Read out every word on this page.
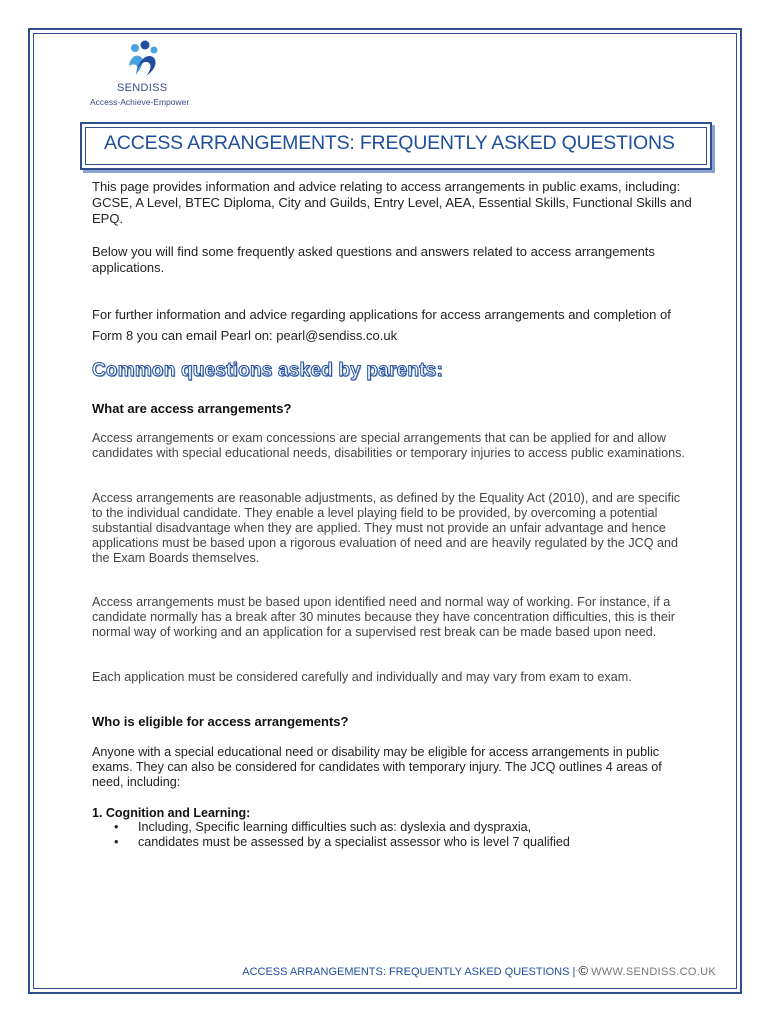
SENDISS
Access-Achieve-Empower
ACCESS ARRANGEMENTS: FREQUENTLY ASKED QUESTIONS
This page provides information and advice relating to access arrangements in public exams, including: GCSE, A Level, BTEC Diploma, City and Guilds, Entry Level, AEA, Essential Skills, Functional Skills and EPQ.
Below you will find some frequently asked questions and answers related to access arrangements applications.
For further information and advice regarding applications for access arrangements and completion of Form 8 you can email Pearl on: pearl@sendiss.co.uk
Common questions asked by parents:
What are access arrangements?
Access arrangements or exam concessions are special arrangements that can be applied for and allow candidates with special educational needs, disabilities or temporary injuries to access public examinations.
Access arrangements are reasonable adjustments, as defined by the Equality Act (2010), and are specific to the individual candidate. They enable a level playing field to be provided, by overcoming a potential substantial disadvantage when they are applied. They must not provide an unfair advantage and hence applications must be based upon a rigorous evaluation of need and are heavily regulated by the JCQ and the Exam Boards themselves.
Access arrangements must be based upon identified need and normal way of working. For instance, if a candidate normally has a break after 30 minutes because they have concentration difficulties, this is their normal way of working and an application for a supervised rest break can be made based upon need.
Each application must be considered carefully and individually and may vary from exam to exam.
Who is eligible for access arrangements?
Anyone with a special educational need or disability may be eligible for access arrangements in public exams. They can also be considered for candidates with temporary injury. The JCQ outlines 4 areas of need, including:
1. Cognition and Learning:
• Including, Specific learning difficulties such as: dyslexia and dyspraxia,
• candidates must be assessed by a specialist assessor who is level 7 qualified
ACCESS ARRANGEMENTS: FREQUENTLY ASKED QUESTIONS | © WWW.SENDISS.CO.UK
